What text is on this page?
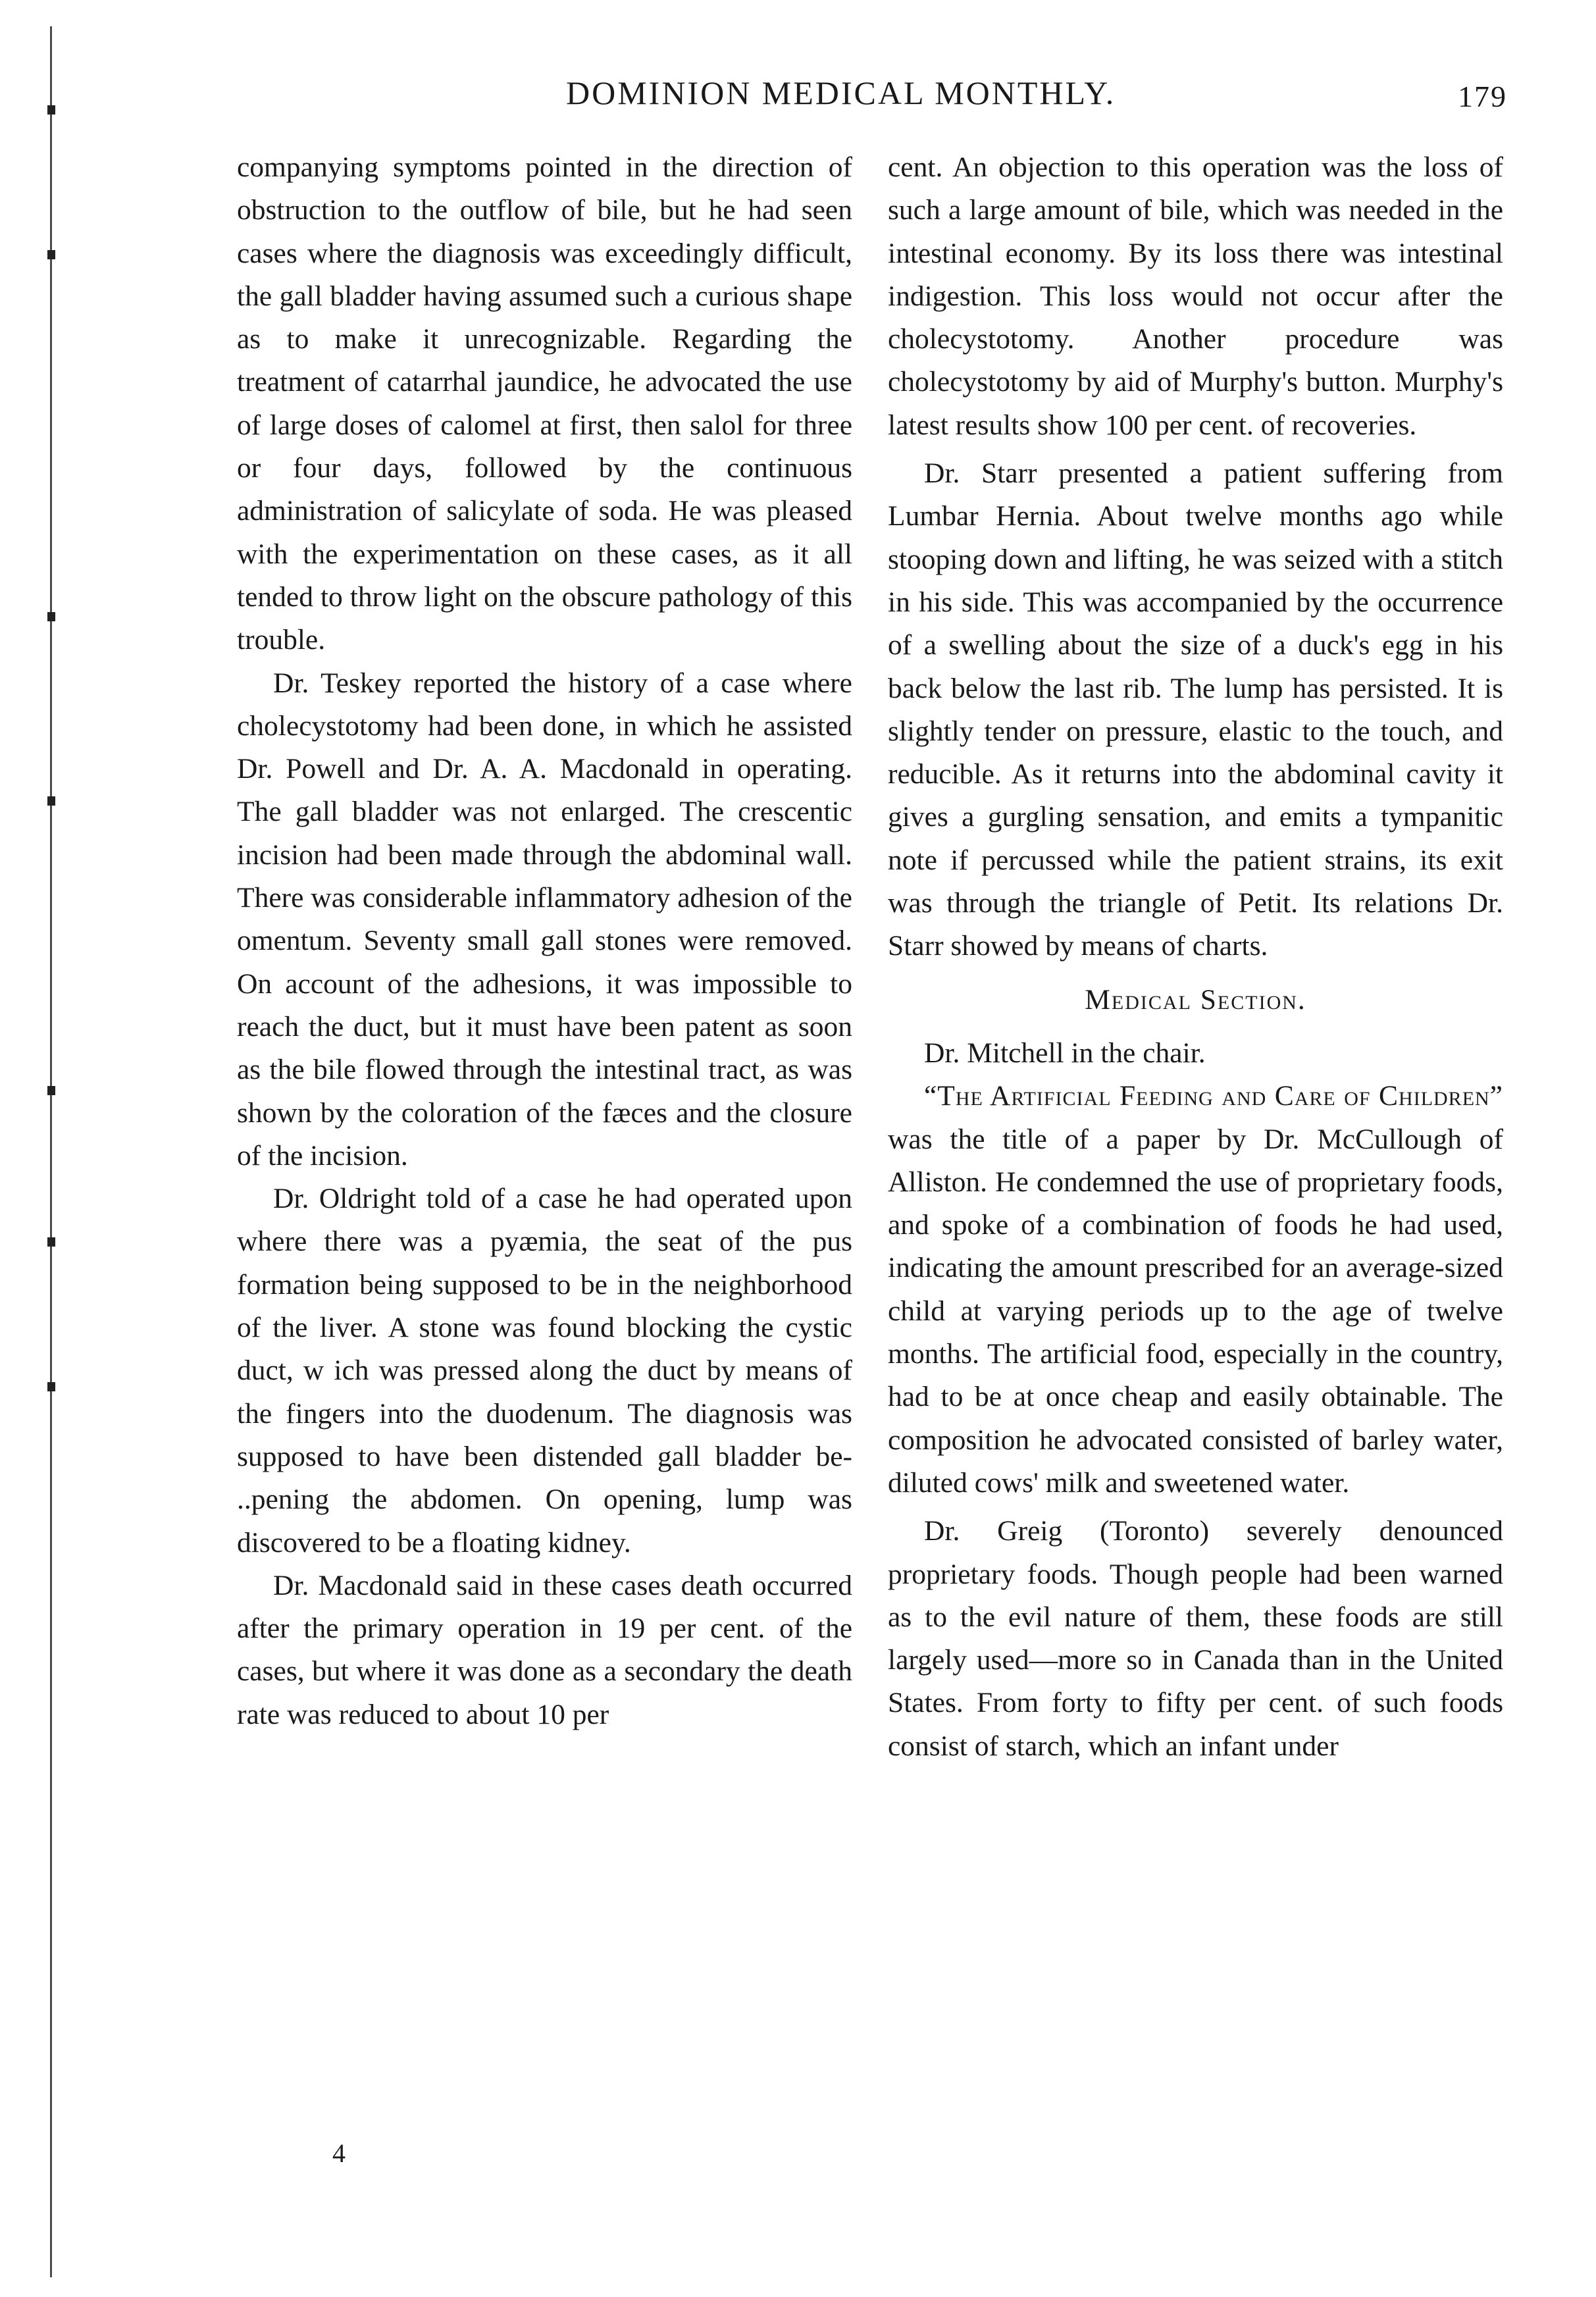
DOMINION MEDICAL MONTHLY.	179

companying symptoms pointed in the direction of obstruction to the outflow of bile, but he had seen cases where the diagnosis was exceedingly difficult, the gall bladder having assumed such a curious shape as to make it unrecognizable. Regarding the treatment of catarrhal jaundice, he advocated the use of large doses of calomel at first, then salol for three or four days, followed by the continuous administration of salicylate of soda. He was pleased with the experimentation on these cases, as it all tended to throw light on the obscure pathology of this trouble.

Dr. Teskey reported the history of a case where cholecystotomy had been done, in which he assisted Dr. Powell and Dr. A. A. Macdonald in operating. The gall bladder was not enlarged. The crescentic incision had been made through the abdominal wall. There was considerable inflammatory adhesion of the omentum. Seventy small gall stones were removed. On account of the adhesions, it was impossible to reach the duct, but it must have been patent as soon as the bile flowed through the intestinal tract, as was shown by the coloration of the fæces and the closure of the incision.

Dr. Oldright told of a case he had operated upon where there was a pyæmia, the seat of the pus formation being supposed to be in the neighborhood of the liver. A stone was found blocking the cystic duct, w ich was pressed along the duct by means of the fingers into the duodenum. The diagnosis was supposed to have been distended gall bladder be- ..pening the abdomen. On opening, lump was discovered to be a floating kidney.

Dr. Macdonald said in these cases death occurred after the primary operation in 19 per cent. of the cases, but where it was done as a secondary the death rate was reduced to about 10 per

cent. An objection to this operation was the loss of such a large amount of bile, which was needed in the intestinal economy. By its loss there was intestinal indigestion. This loss would not occur after the cholecystotomy. Another procedure was cholecystotomy by aid of Murphy's button. Murphy's latest results show 100 per cent. of recoveries.

Dr. Starr presented a patient suffering from Lumbar Hernia. About twelve months ago while stooping down and lifting, he was seized with a stitch in his side. This was accompanied by the occurrence of a swelling about the size of a duck's egg in his back below the last rib. The lump has persisted. It is slightly tender on pressure, elastic to the touch, and reducible. As it returns into the abdominal cavity it gives a gurgling sensation, and emits a tympanitic note if percussed while the patient strains, its exit was through the triangle of Petit. Its relations Dr. Starr showed by means of charts.

Medical Section.

Dr. Mitchell in the chair.

“The Artificial Feeding and Care of Children” was the title of a paper by Dr. McCullough of Alliston. He condemned the use of proprietary foods, and spoke of a combination of foods he had used, indicating the amount prescribed for an average-sized child at varying periods up to the age of twelve months. The artificial food, especially in the country, had to be at once cheap and easily obtainable. The composition he advocated consisted of barley water, diluted cows' milk and sweetened water.

Dr. Greig (Toronto) severely denounced proprietary foods. Though people had been warned as to the evil nature of them, these foods are still largely used—more so in Canada than in the United States. From forty to fifty per cent. of such foods consist of starch, which an infant under

4
